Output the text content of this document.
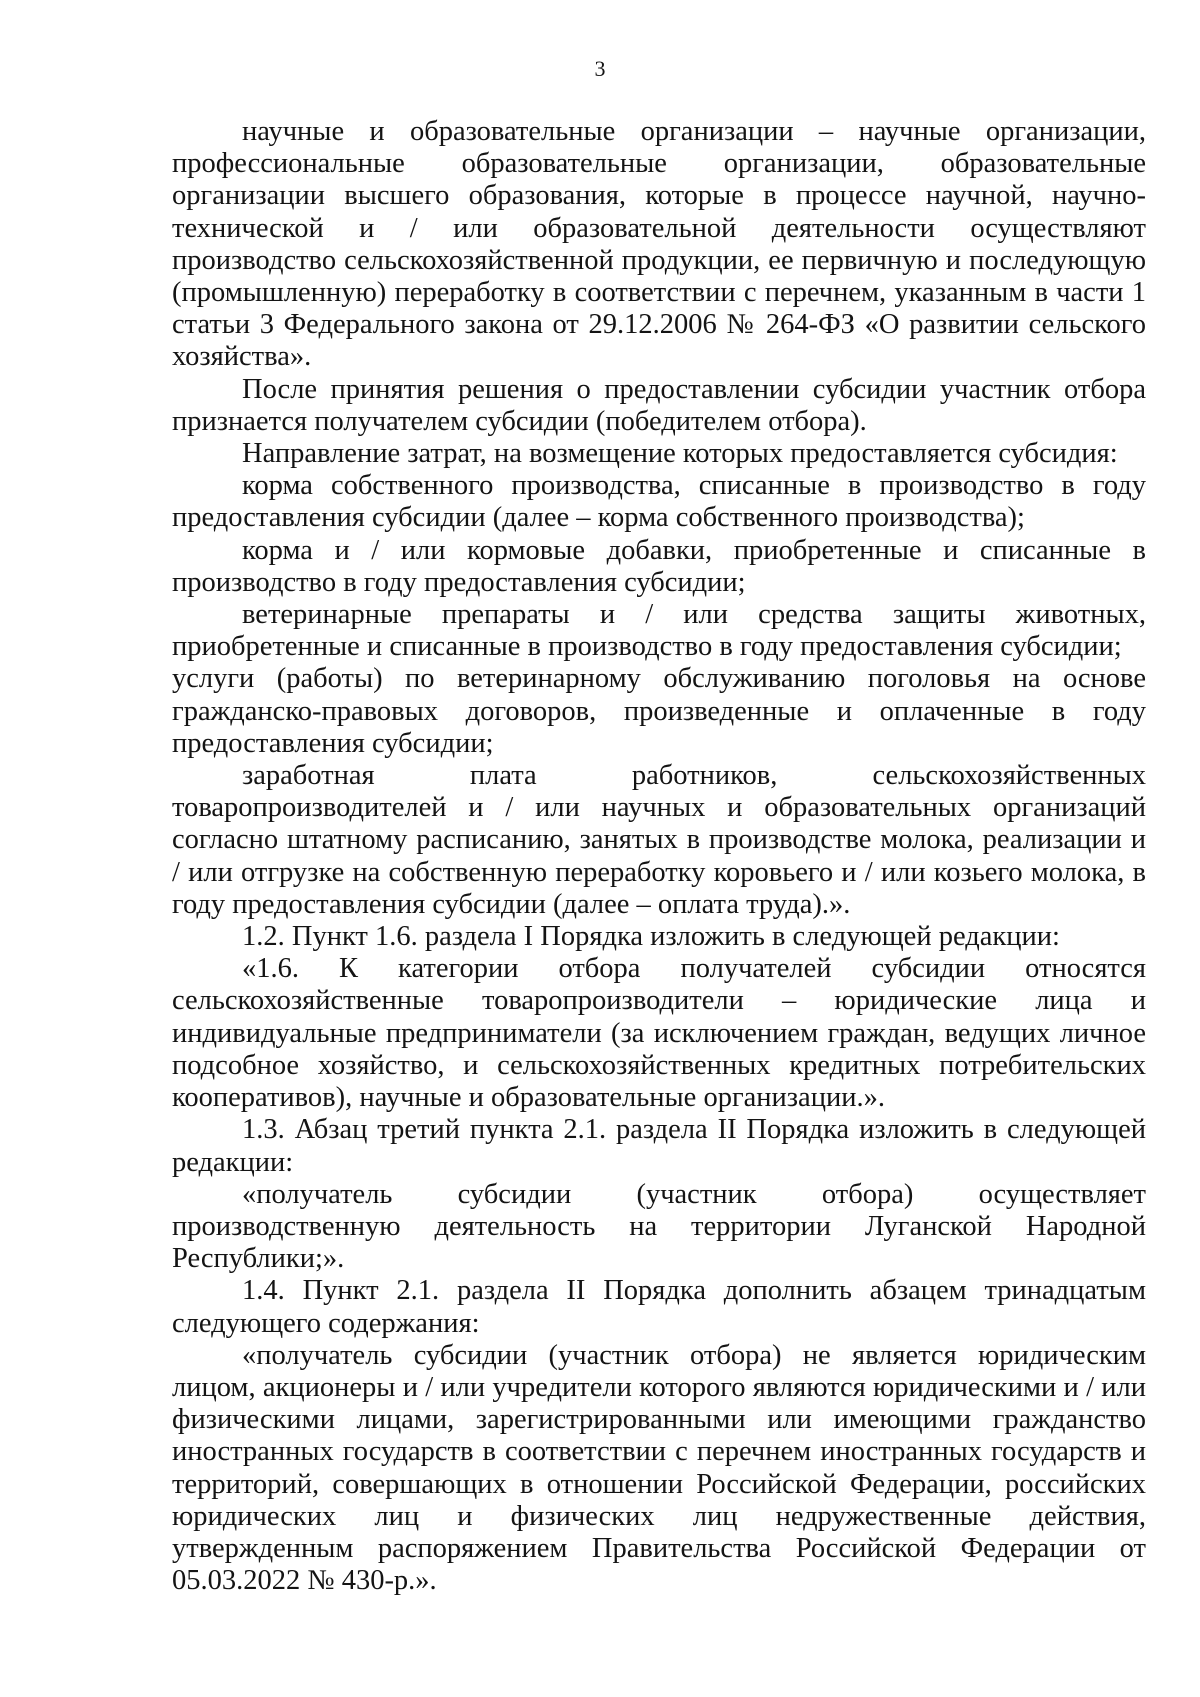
3

научные и образовательные организации – научные организации, профессиональные образовательные организации, образовательные организации высшего образования, которые в процессе научной, научно-технической и / или образовательной деятельности осуществляют производство сельскохозяйственной продукции, ее первичную и последующую (промышленную) переработку в соответствии с перечнем, указанным в части 1 статьи 3 Федерального закона от 29.12.2006 № 264-ФЗ «О развитии сельского хозяйства».

После принятия решения о предоставлении субсидии участник отбора признается получателем субсидии (победителем отбора).

Направление затрат, на возмещение которых предоставляется субсидия:

корма собственного производства, списанные в производство в году предоставления субсидии (далее – корма собственного производства);

корма и / или кормовые добавки, приобретенные и списанные в производство в году предоставления субсидии;

ветеринарные препараты и / или средства защиты животных, приобретенные и списанные в производство в году предоставления субсидии;

услуги (работы) по ветеринарному обслуживанию поголовья на основе гражданско-правовых договоров, произведенные и оплаченные в году предоставления субсидии;

заработная плата работников, сельскохозяйственных товаропроизводителей и / или научных и образовательных организаций согласно штатному расписанию, занятых в производстве молока, реализации и / или отгрузке на собственную переработку коровьего и / или козьего молока, в году предоставления субсидии (далее – оплата труда).».

1.2. Пункт 1.6. раздела I Порядка изложить в следующей редакции:

«1.6. К категории отбора получателей субсидии относятся сельскохозяйственные товаропроизводители – юридические лица и индивидуальные предприниматели (за исключением граждан, ведущих личное подсобное хозяйство, и сельскохозяйственных кредитных потребительских кооперативов), научные и образовательные организации.».

1.3. Абзац третий пункта 2.1. раздела II Порядка изложить в следующей редакции:

«получатель субсидии (участник отбора) осуществляет производственную деятельность на территории Луганской Народной Республики;».

1.4. Пункт 2.1. раздела II Порядка дополнить абзацем тринадцатым следующего содержания:

«получатель субсидии (участник отбора) не является юридическим лицом, акционеры и / или учредители которого являются юридическими и / или физическими лицами, зарегистрированными или имеющими гражданство иностранных государств в соответствии с перечнем иностранных государств и территорий, совершающих в отношении Российской Федерации, российских юридических лиц и физических лиц недружественные действия, утвержденным распоряжением Правительства Российской Федерации от 05.03.2022 № 430-р.».
